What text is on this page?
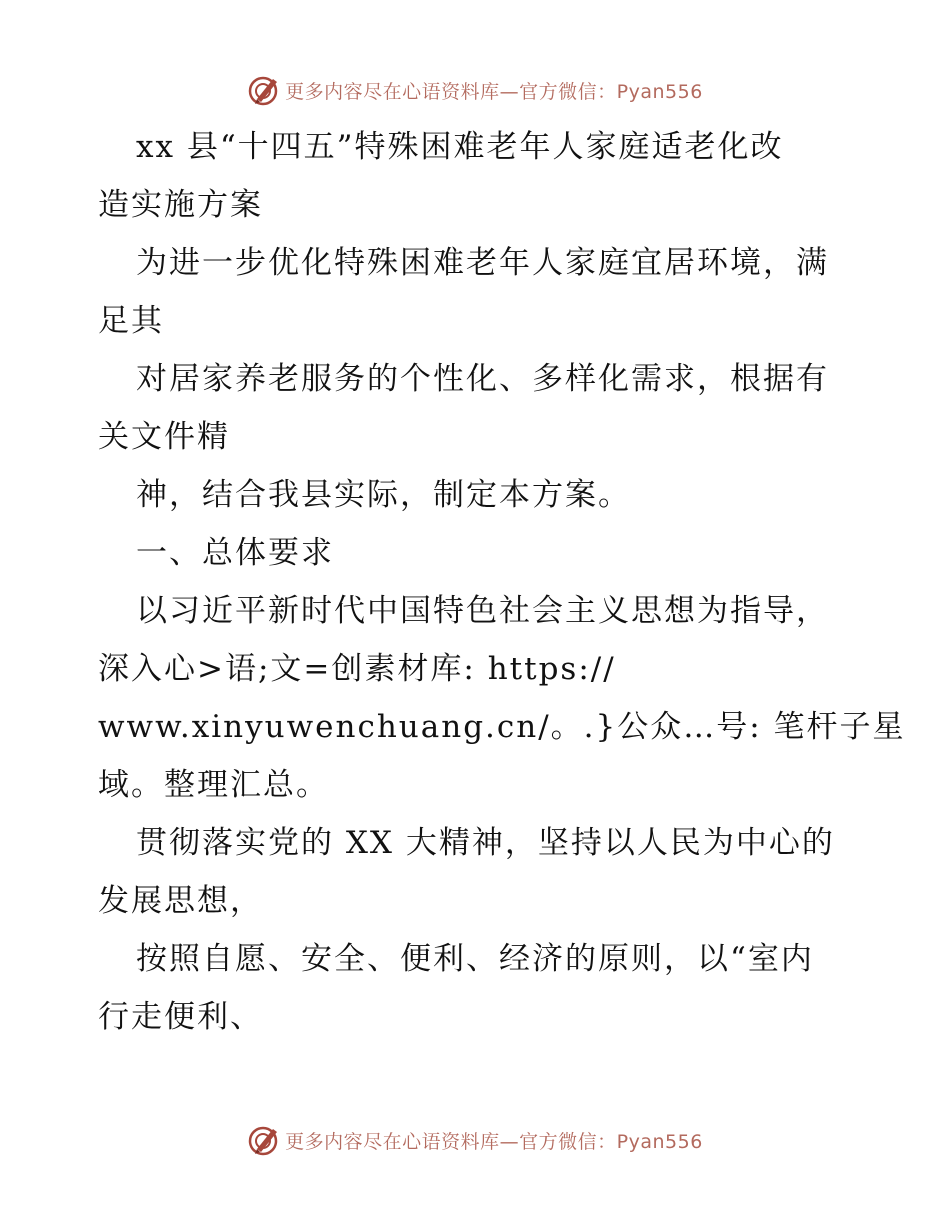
更多内容尽在心语资料库—官方微信：Pyan556
xx 县“十四五”特殊困难老年人家庭适老化改
造实施方案
为进一步优化特殊困难老年人家庭宜居环境，满
足其
对居家养老服务的个性化、多样化需求，根据有
关文件精
神，结合我县实际，制定本方案。
一、总体要求
以习近平新时代中国特色社会主义思想为指导，
深入心>语;文=创素材库: https://
www.xinyuwenchuang.cn/。.}公众…号: 笔杆子星
域。整理汇总。
贯彻落实党的 XX 大精神，坚持以人民为中心的
发展思想，
按照自愿、安全、便利、经济的原则，以“室内
行走便利、
更多内容尽在心语资料库—官方微信：Pyan556
